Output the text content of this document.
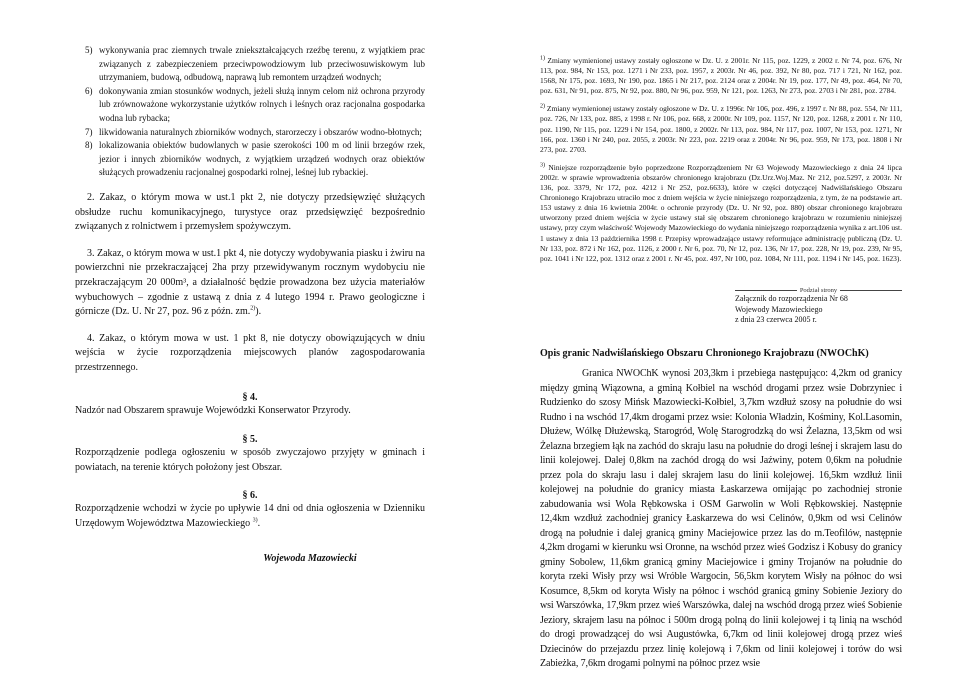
5) wykonywania prac ziemnych trwale zniekształcających rzeźbę terenu, z wyjątkiem prac związanych z zabezpieczeniem przeciwpowodziowym lub przeciwosuwiskowym lub utrzymaniem, budową, odbudową, naprawą lub remontem urządzeń wodnych;
6) dokonywania zmian stosunków wodnych, jeżeli służą innym celom niż ochrona przyrody lub zrównoważone wykorzystanie użytków rolnych i leśnych oraz racjonalna gospodarka wodna lub rybacka;
7) likwidowania naturalnych zbiorników wodnych, starorzeczy i obszarów wodno-błotnych;
8) lokalizowania obiektów budowlanych w pasie szerokości 100 m od linii brzegów rzek, jezior i innych zbiorników wodnych, z wyjątkiem urządzeń wodnych oraz obiektów służących prowadzeniu racjonalnej gospodarki rolnej, leśnej lub rybackiej.

2. Zakaz, o którym mowa w ust.1 pkt 2, nie dotyczy przedsięwzięć służących obsłudze ruchu komunikacyjnego, turystyce oraz przedsięwzięć bezpośrednio związanych z rolnictwem i przemysłem spożywczym.

3. Zakaz, o którym mowa w ust.1 pkt 4, nie dotyczy wydobywania piasku i żwiru na powierzchni nie przekraczającej 2ha przy przewidywanym rocznym wydobyciu nie przekraczającym 20 000m³, a działalność będzie prowadzona bez użycia materiałów wybuchowych – zgodnie z ustawą z dnia z 4 lutego 1994 r. Prawo geologiczne i górnicze (Dz. U. Nr 27, poz. 96 z późn. zm.$^{2)}$).

4. Zakaz, o którym mowa w ust. 1 pkt 8, nie dotyczy obowiązujących w dniu wejścia w życie rozporządzenia miejscowych planów zagospodarowania przestrzennego.

§ 4.

Nadzór nad Obszarem sprawuje Wojewódzki Konserwator Przyrody.

§ 5.

Rozporządzenie podlega ogłoszeniu w sposób zwyczajowo przyjęty w gminach i powiatach, na terenie których położony jest Obszar.

§ 6.

Rozporządzenie wchodzi w życie po upływie 14 dni od dnia ogłoszenia w Dzienniku Urzędowym Województwa Mazowieckiego $^{3)}$.

Wojewoda Mazowiecki

$^{1)}$ Zmiany wymienionej ustawy zostały ogłoszone w Dz. U. z 2001r. Nr 115, poz. 1229, z 2002 r. Nr 74, poz. 676, Nr 113, poz. 984, Nr 153, poz. 1271 i Nr 233, poz. 1957, z 2003r. Nr 46, poz. 392, Nr 80, poz. 717 i 721, Nr 162, poz. 1568, Nr 175, poz. 1693, Nr 190, poz. 1865 i Nr 217, poz. 2124 oraz z 2004r. Nr 19, poz. 177, Nr 49, poz. 464, Nr 70, poz. 631, Nr 91, poz. 875, Nr 92, poz. 880, Nr 96, poz. 959, Nr 121, poz. 1263, Nr 273, poz. 2703 i Nr 281, poz. 2784.

$^{2)}$ Zmiany wymienionej ustawy zostały ogłoszone w Dz. U. z 1996r. Nr 106, poz. 496, z 1997 r. Nr 88, poz. 554, Nr 111, poz. 726, Nr 133, poz. 885, z 1998 r. Nr 106, poz. 668, z 2000r. Nr 109, poz. 1157, Nr 120, poz. 1268, z 2001 r. Nr 110, poz. 1190, Nr 115, poz. 1229 i Nr 154, poz. 1800, z 2002r. Nr 113, poz. 984, Nr 117, poz. 1007, Nr 153, poz. 1271, Nr 166, poz. 1360 i Nr 240, poz. 2055, z 2003r. Nr 223, poz. 2219 oraz z 2004r. Nr 96, poz. 959, Nr 173, poz. 1808 i Nr 273, poz. 2703.

$^{3)}$ Niniejsze rozporządzenie było poprzedzone Rozporządzeniem Nr 63 Wojewody Mazowieckiego z dnia 24 lipca 2002r. w sprawie wprowadzenia obszarów chronionego krajobrazu (Dz.Urz.Woj.Maz. Nr 212, poz.5297, z 2003r. Nr 136, poz. 3379, Nr 172, poz. 4212 i Nr 252, poz.6633), które w części dotyczącej Nadwiślańskiego Obszaru Chronionego Krajobrazu utraciło moc z dniem wejścia w życie niniejszego rozporządzenia, z tym, że na podstawie art. 153 ustawy z dnia 16 kwietnia 2004r. o ochronie przyrody (Dz. U. Nr 92, poz. 880) obszar chronionego krajobrazu utworzony przed dniem wejścia w życie ustawy stał się obszarem chronionego krajobrazu w rozumieniu niniejszej ustawy, przy czym właściwość Wojewody Mazowieckiego do wydania niniejszego rozporządzenia wynika z art.106 ust. 1 ustawy z dnia 13 października 1998 r. Przepisy wprowadzające ustawy reformujące administrację publiczną (Dz. U. Nr 133, poz. 872 i Nr 162, poz. 1126, z 2000 r. Nr 6, poz. 70, Nr 12, poz. 136, Nr 17, poz. 228, Nr 19, poz. 239, Nr 95, poz. 1041 i Nr 122, poz. 1312 oraz z 2001 r. Nr 45, poz. 497, Nr 100, poz. 1084, Nr 111, poz. 1194 i Nr 145, poz. 1623).

Podział strony
Załącznik do rozporządzenia Nr 68
Wojewody Mazowieckiego
z dnia 23 czerwca 2005 r.

Opis granic Nadwiślańskiego Obszaru Chronionego Krajobrazu (NWOChK)

Granica NWOChK wynosi 203,3km i przebiega następująco: 4,2km od granicy między gminą Wiązowna, a gminą Kołbiel na wschód drogami przez wsie Dobrzyniec i Rudzienko do szosy Mińsk Mazowiecki-Kołbiel, 3,7km wzdłuż szosy na południe do wsi Rudno i na wschód 17,4km drogami przez wsie: Kolonia Władzin, Kośminy, Kol.Lasomin, Dłużew, Wólkę Dłużewską, Starogród, Wolę Starogrodzką do wsi Żelazna, 13,5km od wsi Żelazna brzegiem łąk na zachód do skraju lasu na południe do drogi leśnej i skrajem lasu do linii kolejowej. Dalej 0,8km na zachód drogą do wsi Jaźwiny, potem 0,6km na południe przez pola do skraju lasu i dalej skrajem lasu do linii kolejowej. 16,5km wzdłuż linii kolejowej na południe do granicy miasta Łaskarzewa omijając po zachodniej stronie zabudowania wsi Wola Rębkowska i OSM Garwolin w Woli Rębkowskiej. Następnie 12,4km wzdłuż zachodniej granicy Łaskarzewa do wsi Celinów, 0,9km od wsi Celinów drogą na południe i dalej granicą gminy Maciejowice przez las do m.Teofilów, następnie 4,2km drogami w kierunku wsi Oronne, na wschód przez wieś Godzisz i Kobusy do granicy gminy Sobolew, 11,6km granicą gminy Maciejowice i gminy Trojanów na południe do koryta rzeki Wisły przy wsi Wróble Wargocin, 56,5km korytem Wisły na północ do wsi Kosumce, 8,5km od koryta Wisły na północ i wschód granicą gminy Sobienie Jeziory do wsi Warszówka, 17,9km przez wieś Warszówka, dalej na wschód drogą przez wieś Sobienie Jeziory, skrajem lasu na północ i 500m drogą polną do linii kolejowej i tą linią na wschód do drogi prowadzącej do wsi Augustówka, 6,7km od linii kolejowej drogą przez wieś Dziecinów do przejazdu przez linię kolejową i 7,6km od linii kolejowej i torów do wsi Zabieżka, 7,6km drogami polnymi na północ przez wsie
